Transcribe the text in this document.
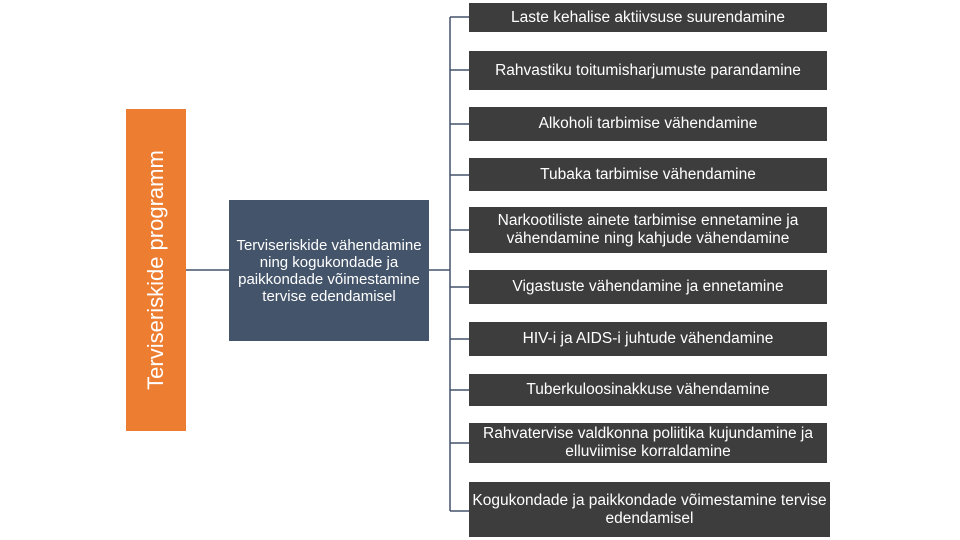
Terviseriskide programm	Terviseriskide vähendamine ning kogukondade ja paikkondade võimestamine tervise edendamisel
Laste kehalise aktiivsuse suurendamine
Rahvastiku toitumisharjumuste parandamine
Alkoholi tarbimise vähendamine
Tubaka tarbimise vähendamine
Narkootiliste ainete tarbimise ennetamine ja vähendamine ning kahjude vähendamine
Vigastuste vähendamine ja ennetamine
HIV-i ja AIDS-i juhtude vähendamine
Tuberkuloosinakkuse vähendamine
Rahvatervise valdkonna poliitika kujundamine ja elluviimise korraldamine
Kogukondade ja paikkondade võimestamine tervise edendamisel
